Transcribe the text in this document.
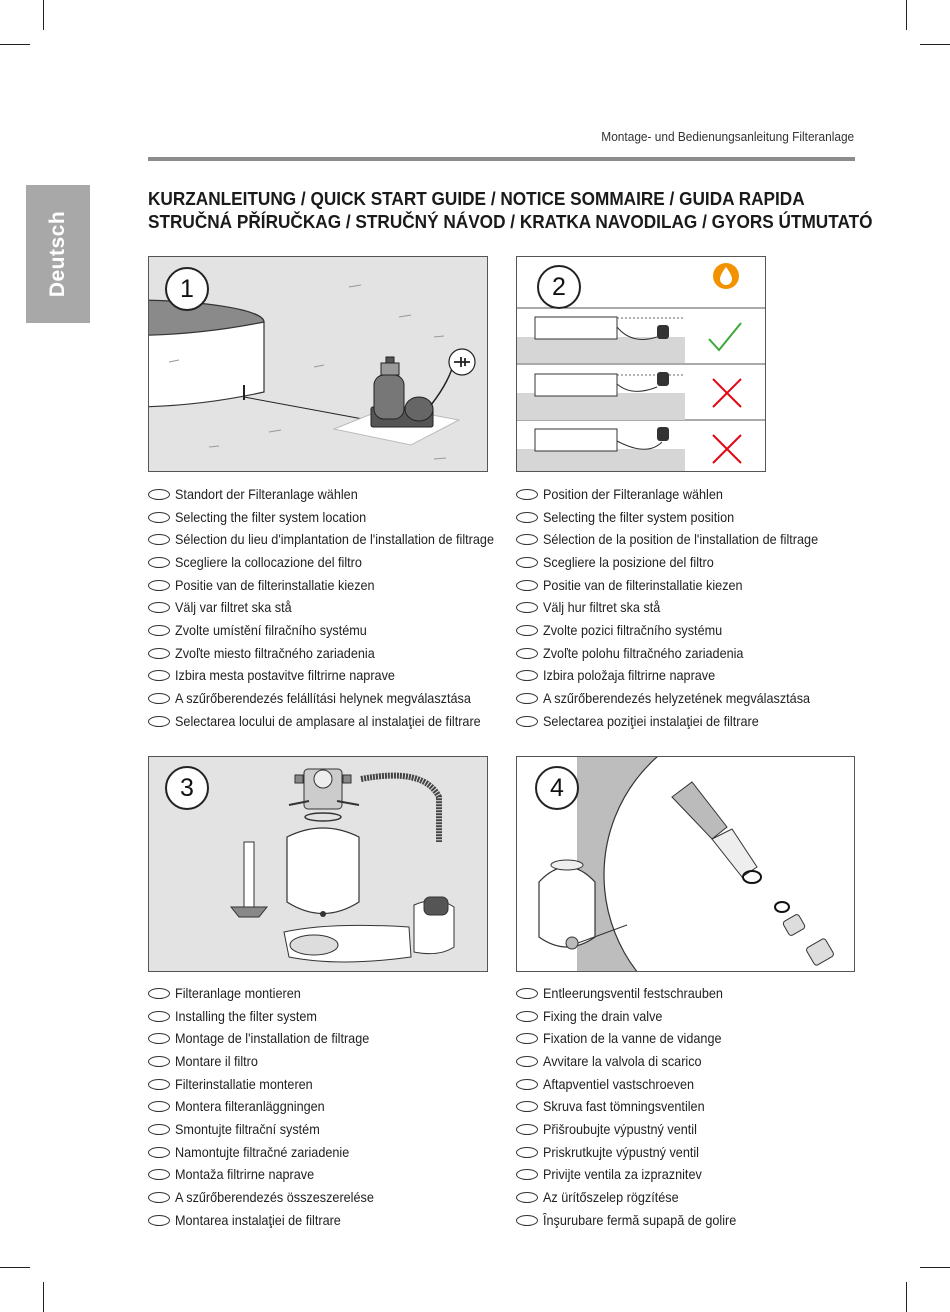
Montage- und Bedienungsanleitung Filteranlage
Deutsch
KURZANLEITUNG / QUICK START GUIDE / NOTICE SOMMAIRE / GUIDA RAPIDA
STRUČNÁ PŘÍRUČKAG / STRUČNÝ NÁVOD / KRATKA NAVODILAG / GYORS ÚTMUTATÓ
1	2
3	4
Standort der Filteranlage wählen
Selecting the filter system location
Sélection du lieu d'implantation de l'installation de filtrage
Scegliere la collocazione del filtro
Positie van de filterinstallatie kiezen
Välj var filtret ska stå
Zvolte umístění filračního systému
Zvoľte miesto filtračného zariadenia
Izbira mesta postavitve filtrirne naprave
A szűrőberendezés felállítási helynek megválasztása
Selectarea locului de amplasare al instalaţiei de filtrare
Position der Filteranlage wählen
Selecting the filter system position
Sélection de la position de l'installation de filtrage
Scegliere la posizione del filtro
Positie van de filterinstallatie kiezen
Välj hur filtret ska stå
Zvolte pozici filtračního systému
Zvoľte polohu filtračného zariadenia
Izbira položaja filtrirne naprave
A szűrőberendezés helyzetének megválasztása
Selectarea poziţiei instalaţiei de filtrare
Filteranlage montieren
Installing the filter system
Montage de l'installation de filtrage
Montare il filtro
Filterinstallatie monteren
Montera filteranläggningen
Smontujte filtrační systém
Namontujte filtračné zariadenie
Montaža filtrirne naprave
A szűrőberendezés összeszerelése
Montarea instalaţiei de filtrare
Entleerungsventil festschrauben
Fixing the drain valve
Fixation de la vanne de vidange
Avvitare la valvola di scarico
Aftapventiel vastschroeven
Skruva fast tömningsventilen
Přišroubujte výpustný ventil
Priskrutkujte výpustný ventil
Privijte ventila za izpraznitev
Az ürítőszelep rögzítése
Înşurubare fermă supapă de golire
